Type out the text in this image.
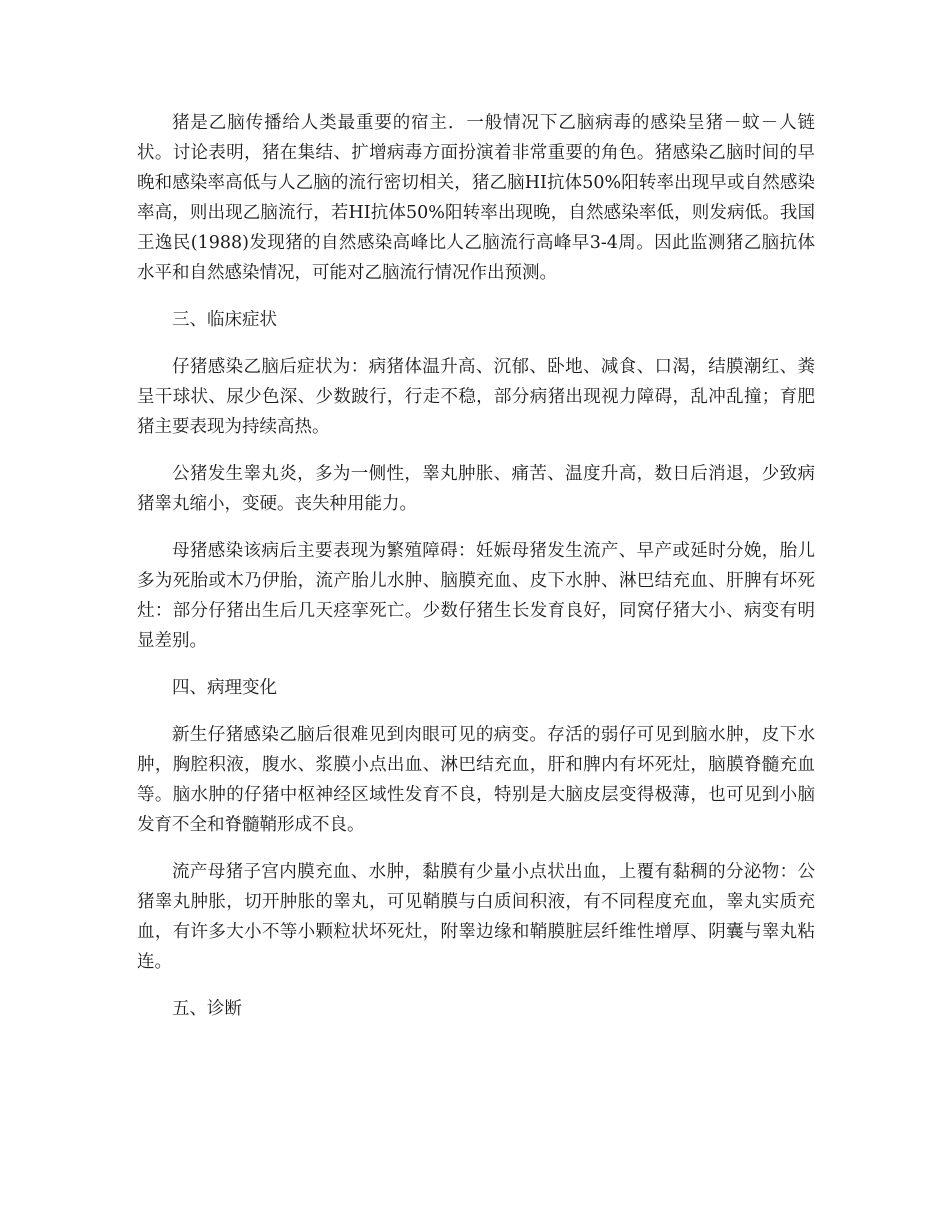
猪是乙脑传播给人类最重要的宿主．一般情况下乙脑病毒的感染呈猪－蚊－人链状。讨论表明，猪在集结、扩增病毒方面扮演着非常重要的角色。猪感染乙脑时间的早晚和感染率高低与人乙脑的流行密切相关，猪乙脑HI抗体50%阳转率出现早或自然感染率高，则出现乙脑流行，若HI抗体50%阳转率出现晚，自然感染率低，则发病低。我国王逸民(1988)发现猪的自然感染高峰比人乙脑流行高峰早3-4周。因此监测猪乙脑抗体水平和自然感染情况，可能对乙脑流行情况作出预测。

三、临床症状

仔猪感染乙脑后症状为：病猪体温升高、沉郁、卧地、减食、口渴，结膜潮红、粪呈干球状、尿少色深、少数跛行，行走不稳，部分病猪出现视力障碍，乱冲乱撞；育肥猪主要表现为持续高热。

公猪发生睾丸炎，多为一侧性，睾丸肿胀、痛苦、温度升高，数日后消退，少致病猪睾丸缩小，变硬。丧失种用能力。

母猪感染该病后主要表现为繁殖障碍：妊娠母猪发生流产、早产或延时分娩，胎儿多为死胎或木乃伊胎，流产胎儿水肿、脑膜充血、皮下水肿、淋巴结充血、肝脾有坏死灶：部分仔猪出生后几天痉挛死亡。少数仔猪生长发育良好，同窝仔猪大小、病变有明显差别。

四、病理变化

新生仔猪感染乙脑后很难见到肉眼可见的病变。存活的弱仔可见到脑水肿，皮下水肿，胸腔积液，腹水、浆膜小点出血、淋巴结充血，肝和脾内有坏死灶，脑膜脊髓充血等。脑水肿的仔猪中枢神经区域性发育不良，特别是大脑皮层变得极薄，也可见到小脑发育不全和脊髓鞘形成不良。

流产母猪子宫内膜充血、水肿，黏膜有少量小点状出血，上覆有黏稠的分泌物：公猪睾丸肿胀，切开肿胀的睾丸，可见鞘膜与白质间积液，有不同程度充血，睾丸实质充血，有许多大小不等小颗粒状坏死灶，附睾边缘和鞘膜脏层纤维性增厚、阴囊与睾丸粘连。

五、诊断
